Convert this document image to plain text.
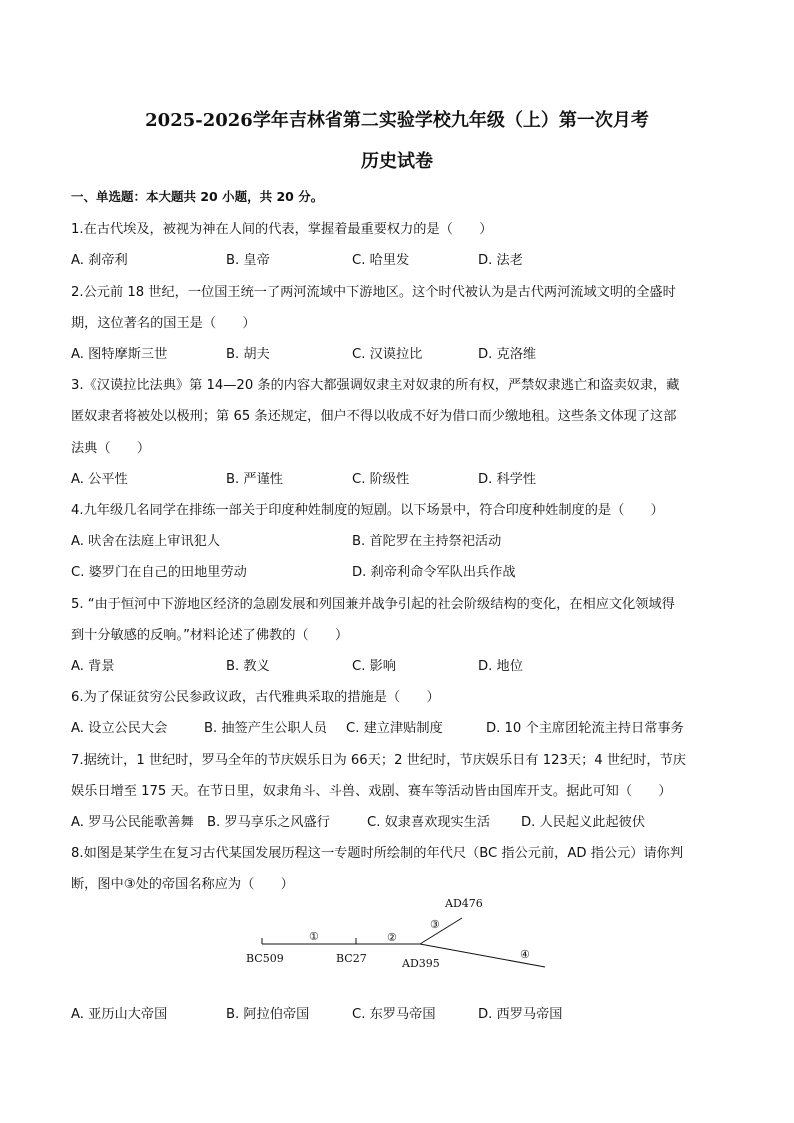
2025-2026学年吉林省第二实验学校九年级（上）第一次月考
历史试卷
一、单选题：本大题共 20 小题，共 20 分。
1.在古代埃及，被视为神在人间的代表，掌握着最重要权力的是（　　）
A. 刹帝利	B. 皇帝	C. 哈里发	D. 法老
2.公元前 18 世纪，一位国王统一了两河流域中下游地区。这个时代被认为是古代两河流域文明的全盛时
期，这位著名的国王是（　　）
A. 图特摩斯三世	B. 胡夫	C. 汉谟拉比	D. 克洛维
3.《汉谟拉比法典》第 14—20 条的内容大都强调奴隶主对奴隶的所有权，严禁奴隶逃亡和盗卖奴隶，藏
匿奴隶者将被处以极刑；第 65 条还规定，佃户不得以收成不好为借口而少缴地租。这些条文体现了这部
法典（　　）
A. 公平性	B. 严谨性	C. 阶级性	D. 科学性
4.九年级几名同学在排练一部关于印度种姓制度的短剧。以下场景中，符合印度种姓制度的是（　　）
A. 吠舍在法庭上审讯犯人	B. 首陀罗在主持祭祀活动
C. 婆罗门在自己的田地里劳动	D. 刹帝利命令军队出兵作战
5. “由于恒河中下游地区经济的急剧发展和列国兼并战争引起的社会阶级结构的变化，在相应文化领域得
到十分敏感的反响。”材料论述了佛教的（　　）
A. 背景	B. 教义	C. 影响	D. 地位
6.为了保证贫穷公民参政议政，古代雅典采取的措施是（　　）
A. 设立公民大会	B. 抽签产生公职人员 C. 建立津贴制度	D. 10 个主席团轮流主持日常事务
7.据统计，1 世纪时，罗马全年的节庆娱乐日为 66天；2 世纪时，节庆娱乐日有 123天；4 世纪时，节庆
娱乐日增至 175 天。在节日里，奴隶角斗、斗兽、戏剧、赛车等活动皆由国库开支。据此可知（　　）
A. 罗马公民能歌善舞 B. 罗马享乐之风盛行	C. 奴隶喜欢现实生活 D. 人民起义此起彼伏
8.如图是某学生在复习古代某国发展历程这一专题时所绘制的年代尺（BC 指公元前，AD 指公元）请你判
断，图中③处的帝国名称应为（　　）
BC509	BC27	AD395
AD476
①	②
③
④
A. 亚历山大帝国	B. 阿拉伯帝国	C. 东罗马帝国	D. 西罗马帝国
